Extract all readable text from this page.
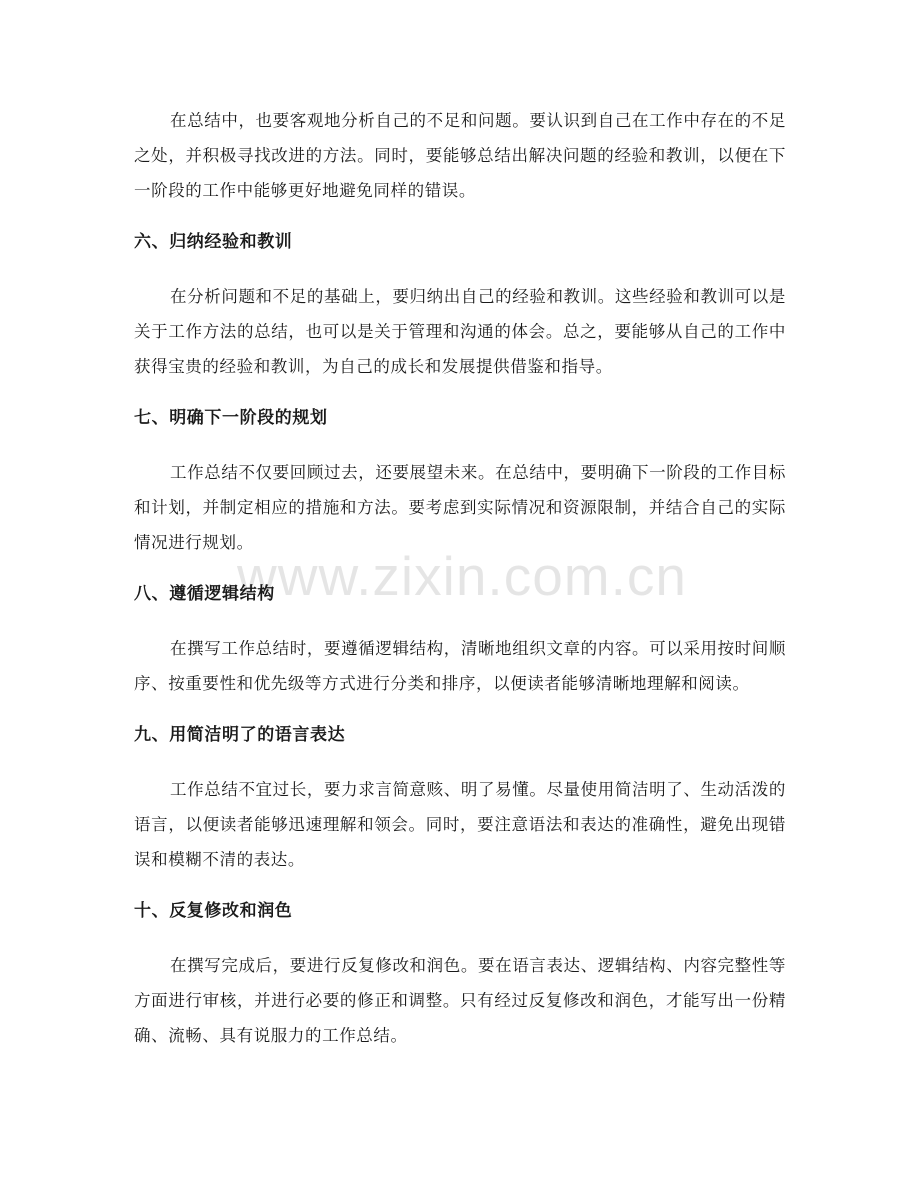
在总结中，也要客观地分析自己的不足和问题。要认识到自己在工作中存在的不足之处，并积极寻找改进的方法。同时，要能够总结出解决问题的经验和教训，以便在下一阶段的工作中能够更好地避免同样的错误。

六、归纳经验和教训

在分析问题和不足的基础上，要归纳出自己的经验和教训。这些经验和教训可以是关于工作方法的总结，也可以是关于管理和沟通的体会。总之，要能够从自己的工作中获得宝贵的经验和教训，为自己的成长和发展提供借鉴和指导。

七、明确下一阶段的规划

工作总结不仅要回顾过去，还要展望未来。在总结中，要明确下一阶段的工作目标和计划，并制定相应的措施和方法。要考虑到实际情况和资源限制，并结合自己的实际情况进行规划。

八、遵循逻辑结构

在撰写工作总结时，要遵循逻辑结构，清晰地组织文章的内容。可以采用按时间顺序、按重要性和优先级等方式进行分类和排序，以便读者能够清晰地理解和阅读。

九、用简洁明了的语言表达

工作总结不宜过长，要力求言简意赅、明了易懂。尽量使用简洁明了、生动活泼的语言，以便读者能够迅速理解和领会。同时，要注意语法和表达的准确性，避免出现错误和模糊不清的表达。

十、反复修改和润色

在撰写完成后，要进行反复修改和润色。要在语言表达、逻辑结构、内容完整性等方面进行审核，并进行必要的修正和调整。只有经过反复修改和润色，才能写出一份精确、流畅、具有说服力的工作总结。

www.zixin.com.cn
